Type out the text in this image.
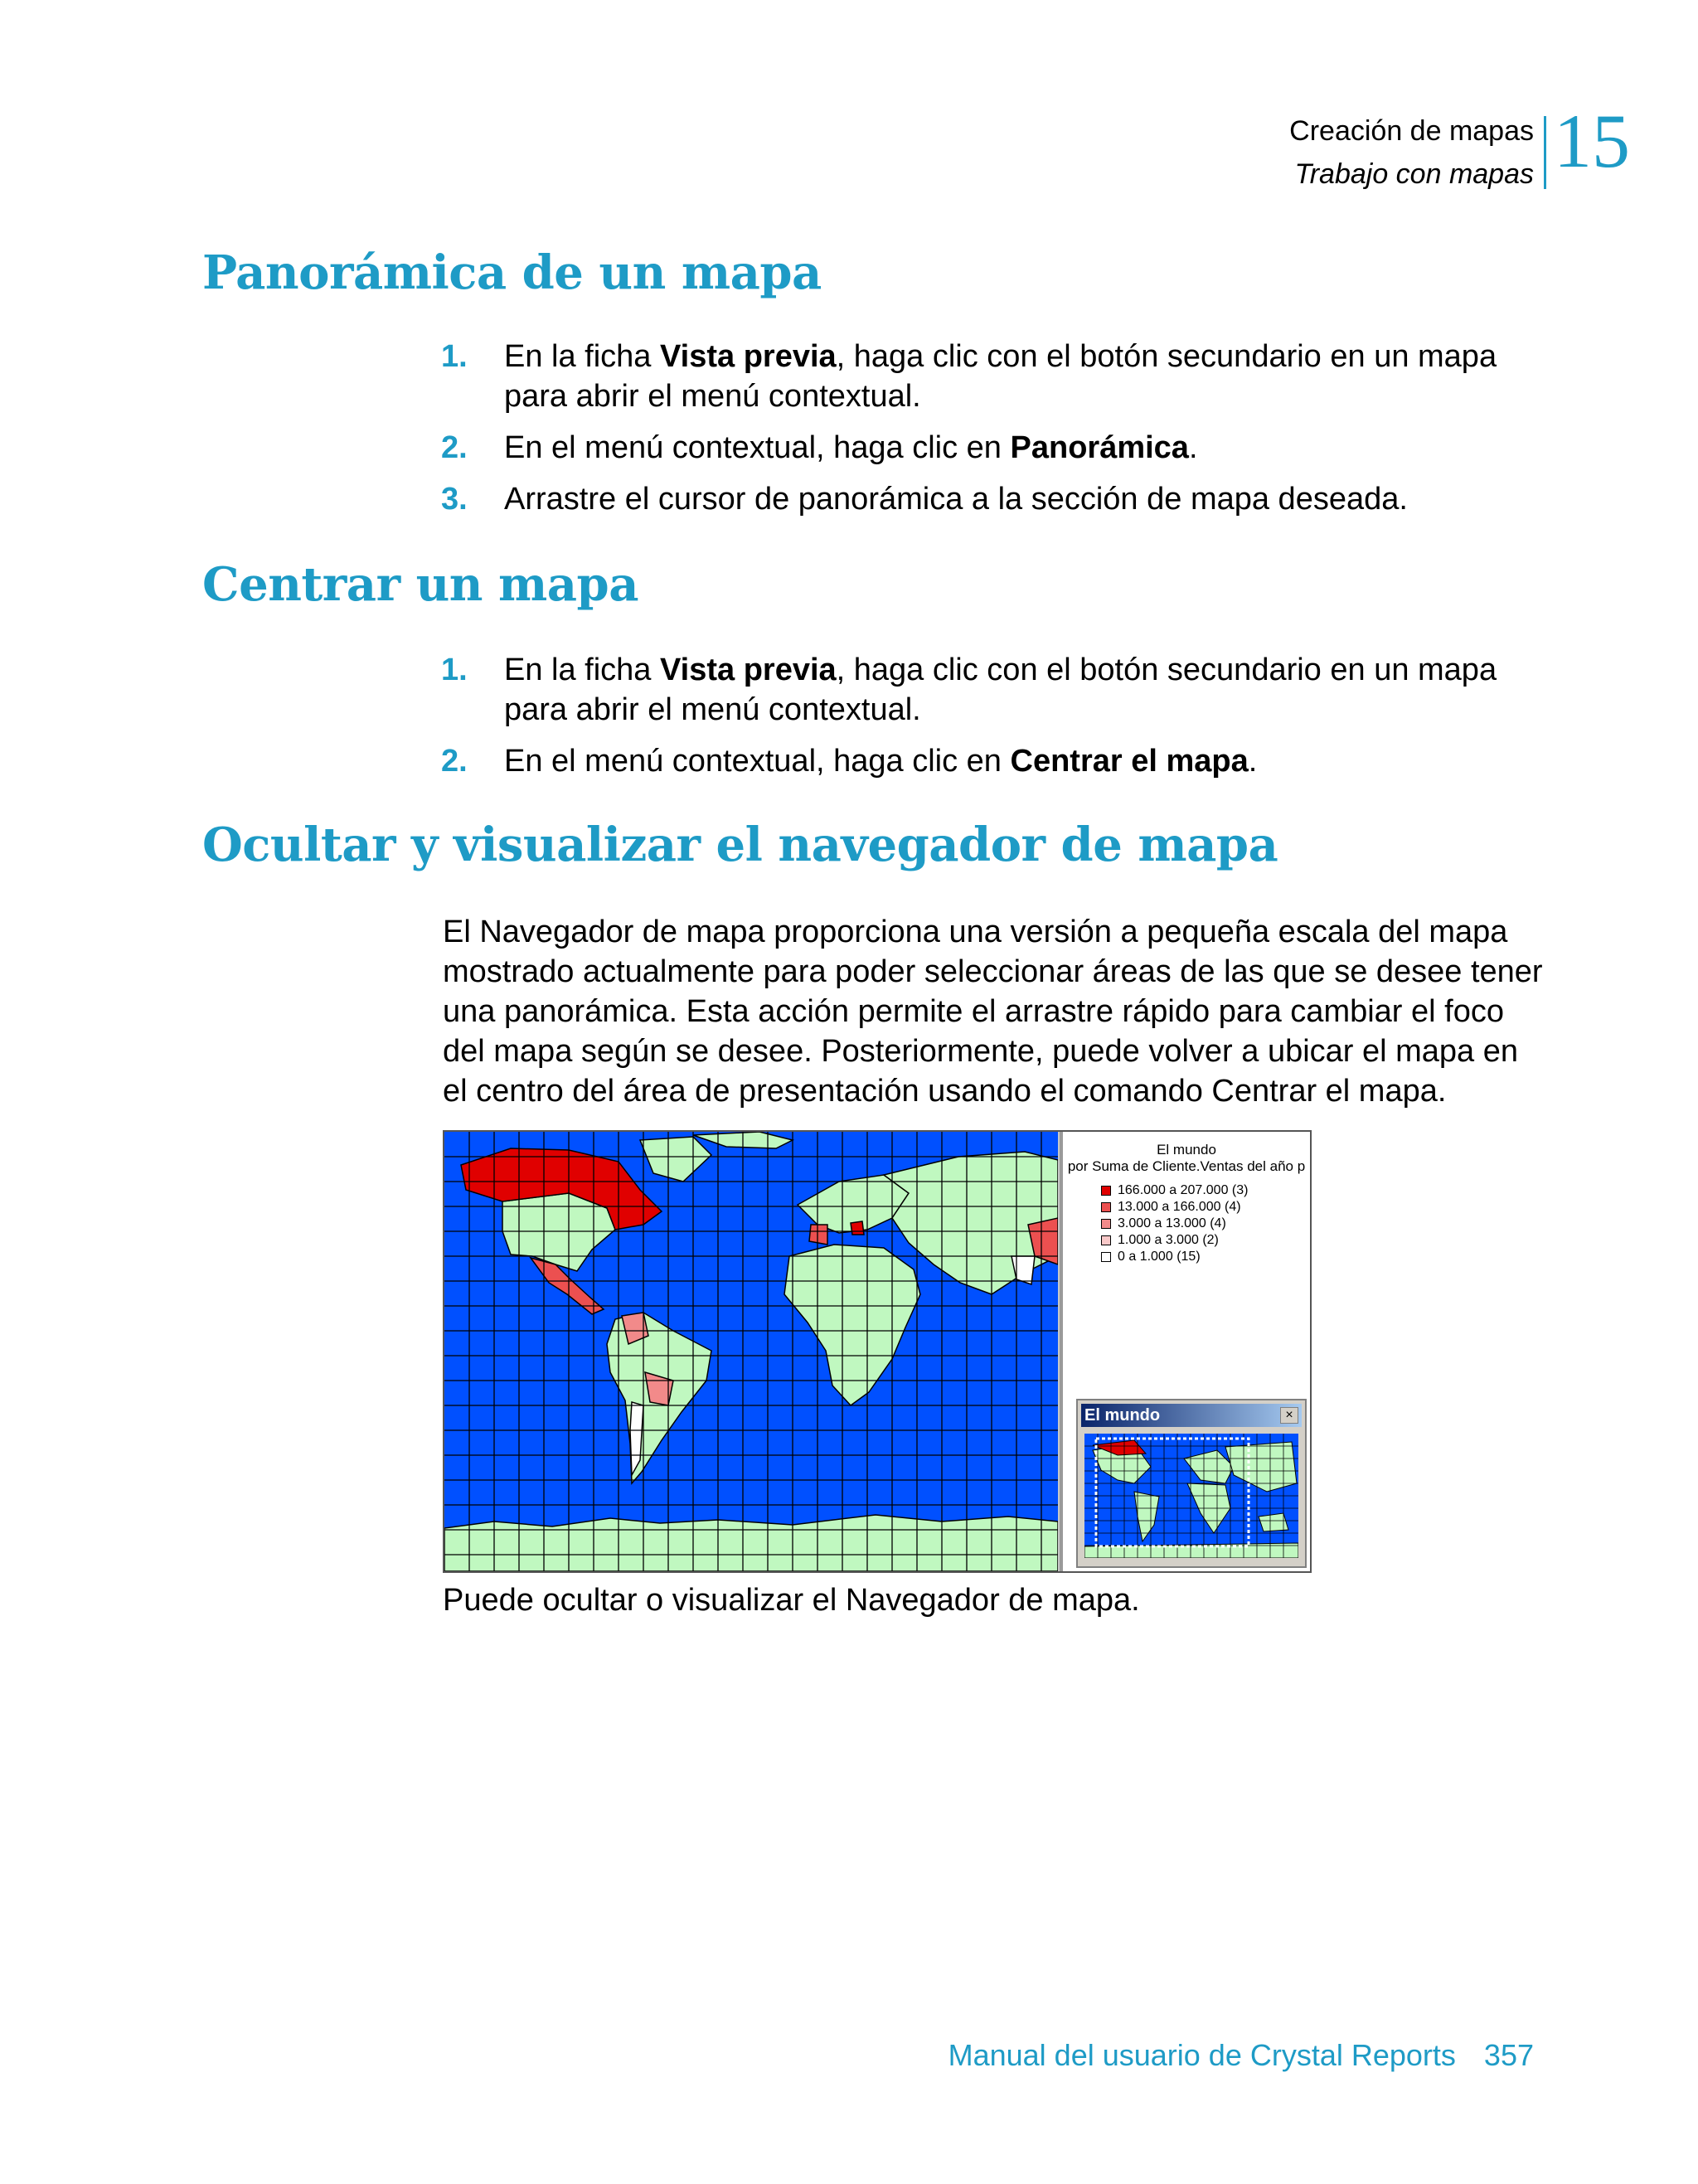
Creación de mapas
Trabajo con mapas 15
Panorámica de un mapa
1. En la ficha Vista previa, haga clic con el botón secundario en un mapa para abrir el menú contextual.
2. En el menú contextual, haga clic en Panorámica.
3. Arrastre el cursor de panorámica a la sección de mapa deseada.
Centrar un mapa
1. En la ficha Vista previa, haga clic con el botón secundario en un mapa para abrir el menú contextual.
2. En el menú contextual, haga clic en Centrar el mapa.
Ocultar y visualizar el navegador de mapa
El Navegador de mapa proporciona una versión a pequeña escala del mapa mostrado actualmente para poder seleccionar áreas de las que se desee tener una panorámica. Esta acción permite el arrastre rápido para cambiar el foco del mapa según se desee. Posteriormente, puede volver a ubicar el mapa en el centro del área de presentación usando el comando Centrar el mapa.
El mundo
por Suma de Cliente.Ventas del año p
166.000 a 207.000 (3)
13.000 a 166.000 (4)
3.000 a 13.000 (4)
1.000 a 3.000 (2)
0 a 1.000 (15)
El mundo	×
Puede ocultar o visualizar el Navegador de mapa.
Manual del usuario de Crystal Reports 357
